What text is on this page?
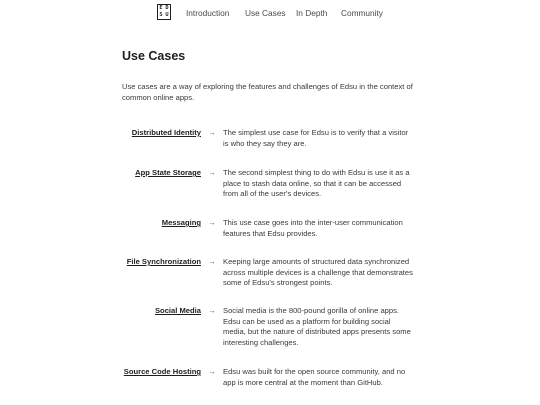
E D
S U Introduction Use Cases In Depth Community
Use Cases

Use cases are a way of exploring the features and challenges of Edsu in the context of common online apps.

Distributed Identity → The simplest use case for Edsu is to verify that a visitor is who they say they are.

App State Storage → The second simplest thing to do with Edsu is use it as a place to stash data online, so that it can be accessed from all of the user's devices.

Messaging → This use case goes into the inter-user communication features that Edsu provides.

File Synchronization → Keeping large amounts of structured data synchronized across multiple devices is a challenge that demonstrates some of Edsu's strongest points.

Social Media → Social media is the 800-pound gorilla of online apps. Edsu can be used as a platform for building social media, but the nature of distributed apps presents some interesting challenges.

Source Code Hosting → Edsu was built for the open source community, and no app is more central at the moment than GitHub.
